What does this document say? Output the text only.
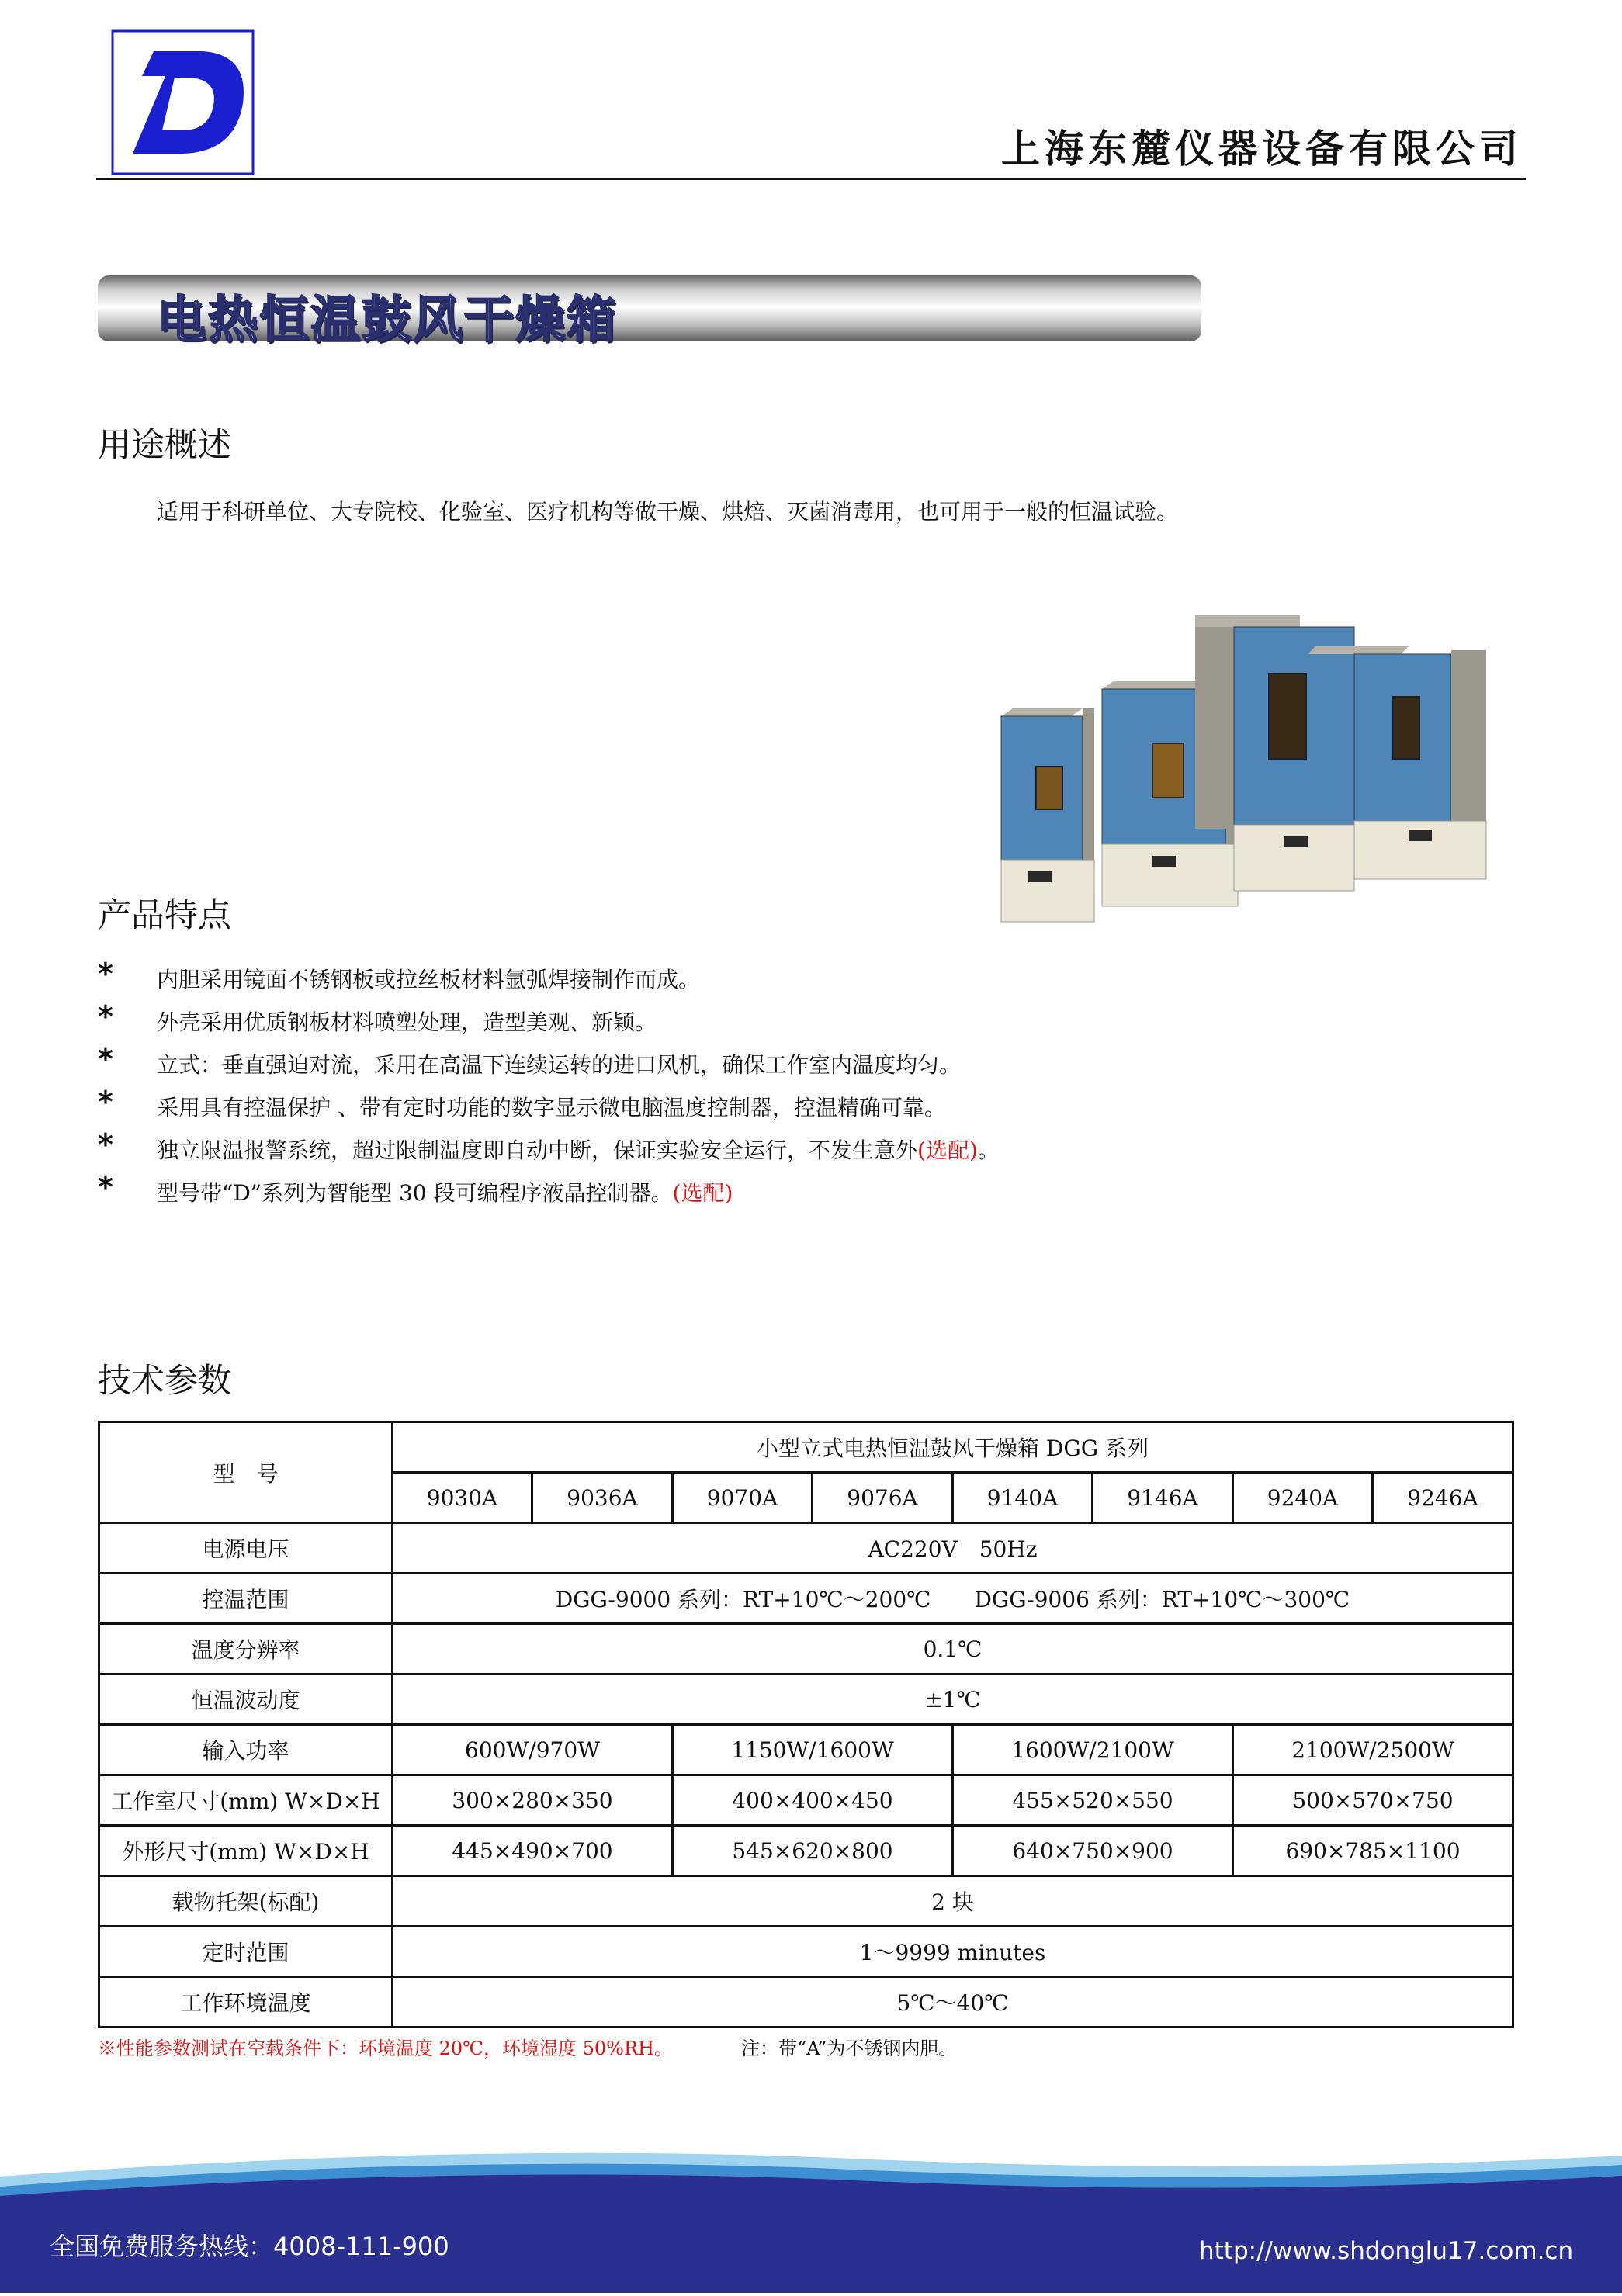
上海东麓仪器设备有限公司
电热恒温鼓风干燥箱
用途概述
适用于科研单位、大专院校、化验室、医疗机构等做干燥、烘焙、灭菌消毒用，也可用于一般的恒温试验。
产品特点
* 内胆采用镜面不锈钢板或拉丝板材料氩弧焊接制作而成。
* 外壳采用优质钢板材料喷塑处理，造型美观、新颖。
* 立式：垂直强迫对流，采用在高温下连续运转的进口风机，确保工作室内温度均匀。
* 采用具有控温保护 、带有定时功能的数字显示微电脑温度控制器，控温精确可靠。
* 独立限温报警系统，超过限制温度即自动中断，保证实验安全运行，不发生意外(选配)。
* 型号带“D”系列为智能型 30 段可编程序液晶控制器。(选配)
技术参数
型　号	小型立式电热恒温鼓风干燥箱 DGG 系列							
	9030A	9036A	9070A	9076A	9140A	9146A	9240A	9246A
电源电压	AC220V　50Hz							
控温范围	DGG-9000 系列：RT+10℃～200℃　　DGG-9006 系列：RT+10℃～300℃							
温度分辨率	0.1℃							
恒温波动度	±1℃							
输入功率	600W/970W		1150W/1600W		1600W/2100W		2100W/2500W	
工作室尺寸(mm) W×D×H	300×280×350		400×400×450		455×520×550		500×570×750	
外形尺寸(mm) W×D×H	445×490×700		545×620×800		640×750×900		690×785×1100	
载物托架(标配)	2 块							
定时范围	1～9999 minutes							
工作环境温度	5℃～40℃							
※性能参数测试在空载条件下：环境温度 20℃，环境湿度 50%RH。	注：带“A”为不锈钢内胆。
全国免费服务热线：4008-111-900	http://www.shdonglu17.com.cn
